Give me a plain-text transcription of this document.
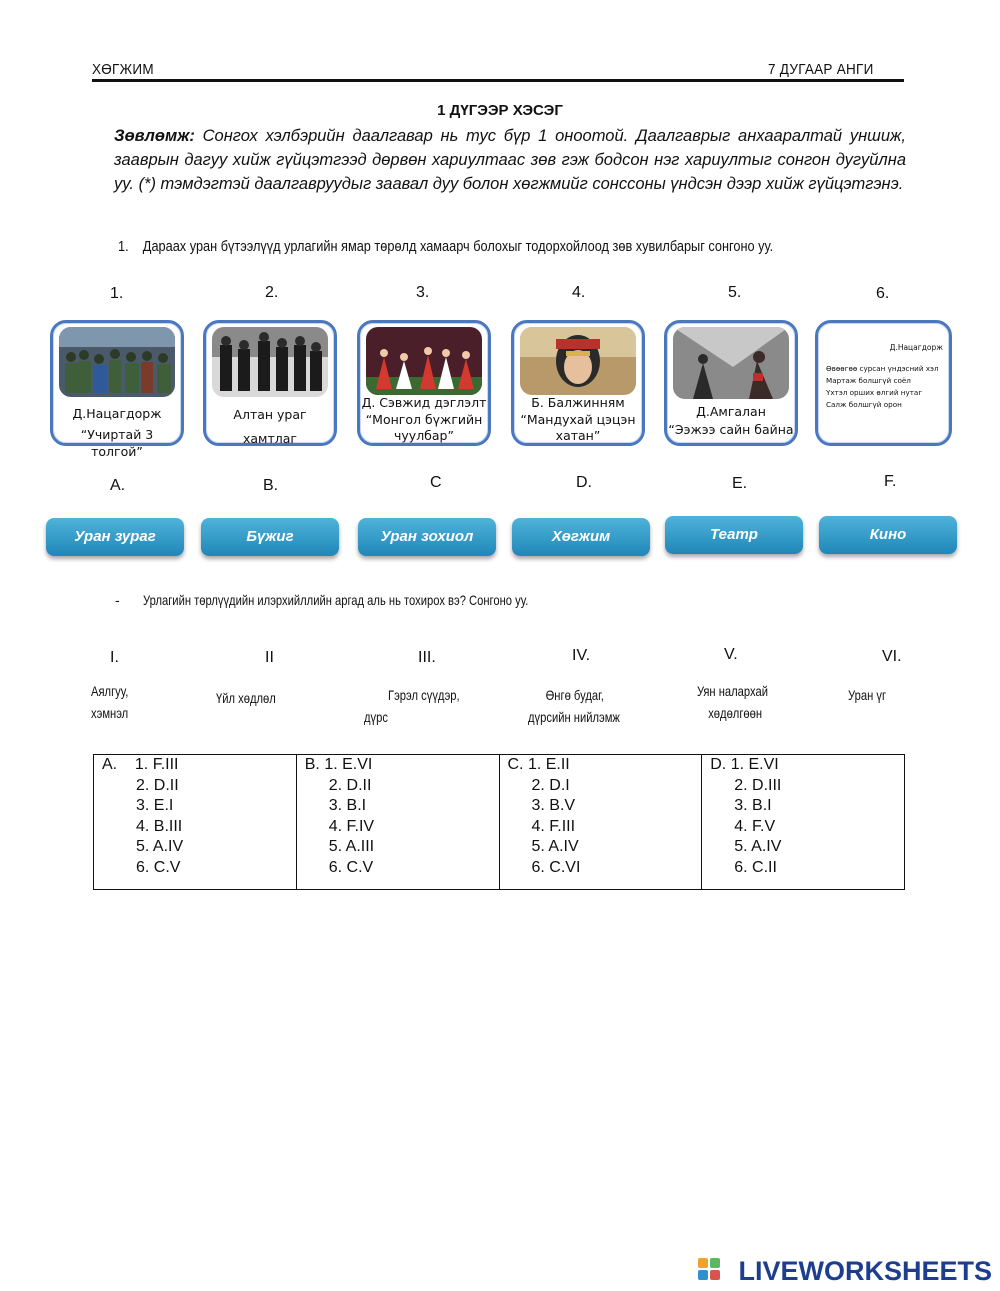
ХӨГЖИМ	7 ДУГААР АНГИ
1 ДҮГЭЭР ХЭСЭГ
Зөвлөмж: Сонгох хэлбэрийн даалгавар нь тус бүр 1 оноотой. Даалгаврыг анхааралтай уншиж, зааврын дагуу хийж гүйцэтгээд дөрвөн хариултаас зөв гэж бодсон нэг хариултыг сонгон дугуйлна уу. (*) тэмдэгтэй даалгавруудыг заавал дуу болон хөгжмийг сонссоны үндсэн дээр хийж гүйцэтгэнэ.
1. Дараах уран бүтээлүүд урлагийн ямар төрөлд хамаарч болохыг тодорхойлоод зөв хувилбарыг сонгоно уу.
1.	2.	3.	4.	5.	6.
Д.Нацагдорж
“Учиртай 3 толгой”
Алтан ураг
хамтлаг
Д. Сэвжид дэглэлт
“Монгол бүжгийн
чуулбар”
Б. Балжинням
“Мандухай цэцэн
хатан”
Д.Амгалан
“Ээжээ сайн байна
Д.Нацагдорж
Өвөөгөө сурсан үндэсний хэл
Мартаж болшгүй соёл
Үхтэл орших өлгий нутаг
Салж болшгүй орон
A.	B.	C	D.	E.	F.
Уран зураг	Бүжиг	Уран зохиол	Хөгжим	Театр	Кино
- Урлагийн төрлүүдийн илэрхийллийн аргад аль нь тохирох вэ? Сонгоно уу.
I.	II	III.	IV.	V.	VI.
Аялгуу,
хэмнэл
Үйл хөдлөл	Гэрэл сүүдэр,
дүрс
Өнгө будаг,
дүрсийн нийлэмж
Уян налархай
хөдөлгөөн
Уран үг
A.    1. F.III
2. D.II
3. E.I
4. B.III
5. A.IV
6. C.V

B. 1. E.VI
2. D.II
3. B.I
4. F.IV
5. A.III
6. C.V

C. 1. E.II
2. D.I
3. B.V
4. F.III
5. A.IV
6. C.VI

D. 1. E.VI
2. D.III
3. B.I
4. F.V
5. A.IV
6. C.II
LIVEWORKSHEETS
